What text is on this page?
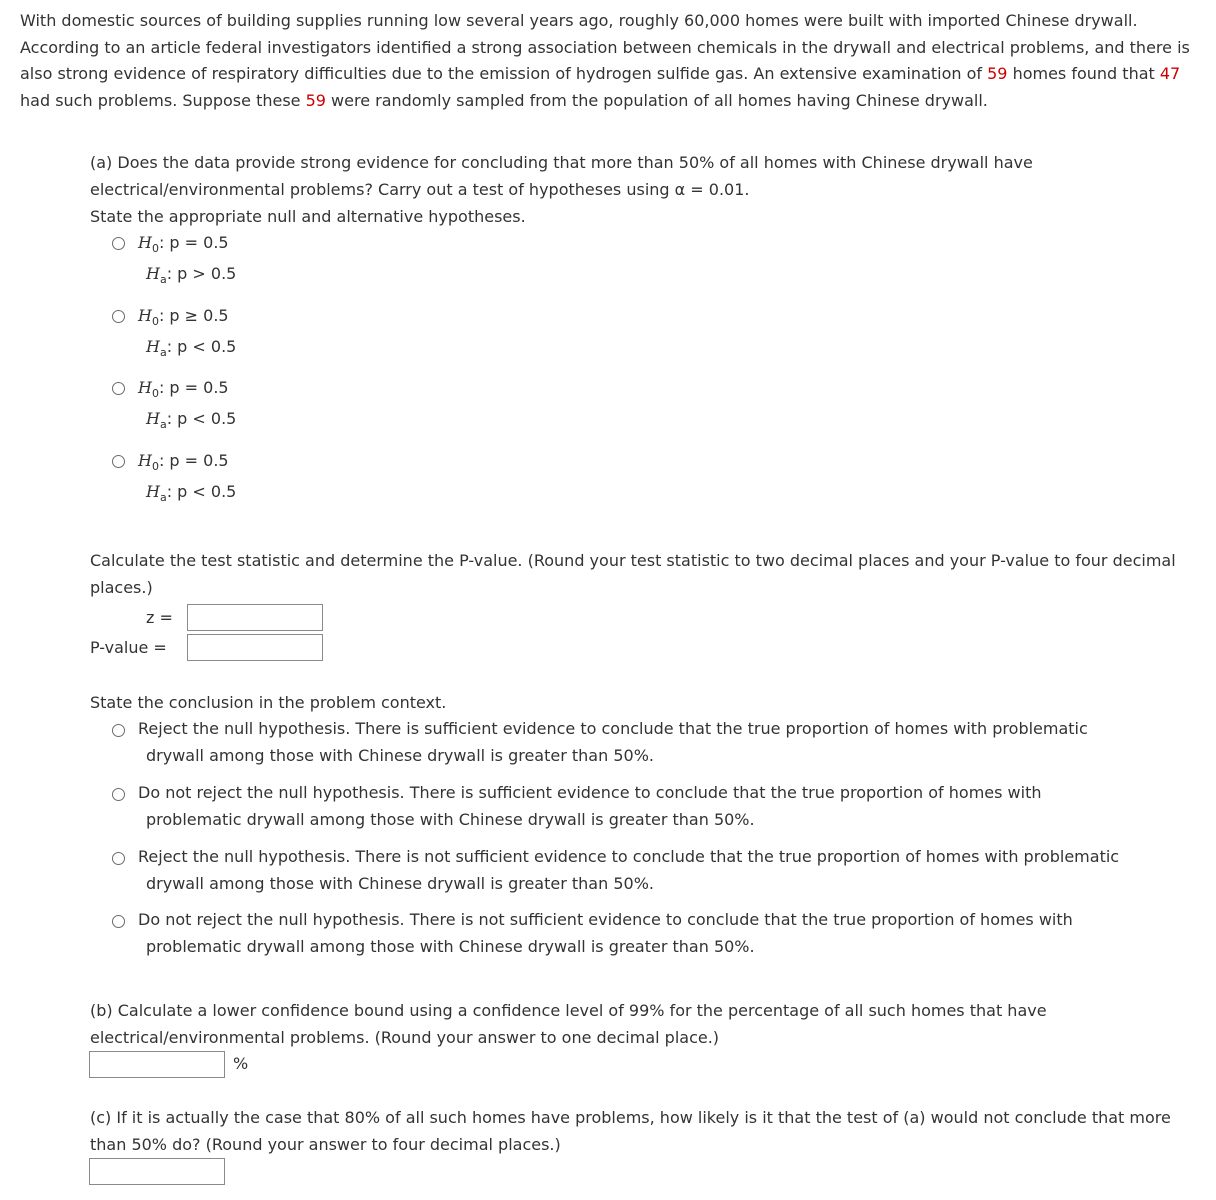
With domestic sources of building supplies running low several years ago, roughly 60,000 homes were built with imported Chinese drywall. According to an article federal investigators identified a strong association between chemicals in the drywall and electrical problems, and there is also strong evidence of respiratory difficulties due to the emission of hydrogen sulfide gas. An extensive examination of 59 homes found that 47 had such problems. Suppose these 59 were randomly sampled from the population of all homes having Chinese drywall.
(a) Does the data provide strong evidence for concluding that more than 50% of all homes with Chinese drywall have electrical/environmental problems? Carry out a test of hypotheses using α = 0.01.
State the appropriate null and alternative hypotheses.
$H_0$: p = 0.5
$H_a$: p > 0.5
$H_0$: p ≥ 0.5
$H_a$: p < 0.5
$H_0$: p = 0.5
$H_a$: p < 0.5
$H_0$: p = 0.5
$H_a$: p < 0.5
Calculate the test statistic and determine the P-value. (Round your test statistic to two decimal places and your P-value to four decimal places.)
z =
P-value =
State the conclusion in the problem context.
Reject the null hypothesis. There is sufficient evidence to conclude that the true proportion of homes with problematic
drywall among those with Chinese drywall is greater than 50%.
Do not reject the null hypothesis. There is sufficient evidence to conclude that the true proportion of homes with
problematic drywall among those with Chinese drywall is greater than 50%.
Reject the null hypothesis. There is not sufficient evidence to conclude that the true proportion of homes with problematic
drywall among those with Chinese drywall is greater than 50%.
Do not reject the null hypothesis. There is not sufficient evidence to conclude that the true proportion of homes with
problematic drywall among those with Chinese drywall is greater than 50%.
(b) Calculate a lower confidence bound using a confidence level of 99% for the percentage of all such homes that have electrical/environmental problems. (Round your answer to one decimal place.)
%
(c) If it is actually the case that 80% of all such homes have problems, how likely is it that the test of (a) would not conclude that more than 50% do? (Round your answer to four decimal places.)
